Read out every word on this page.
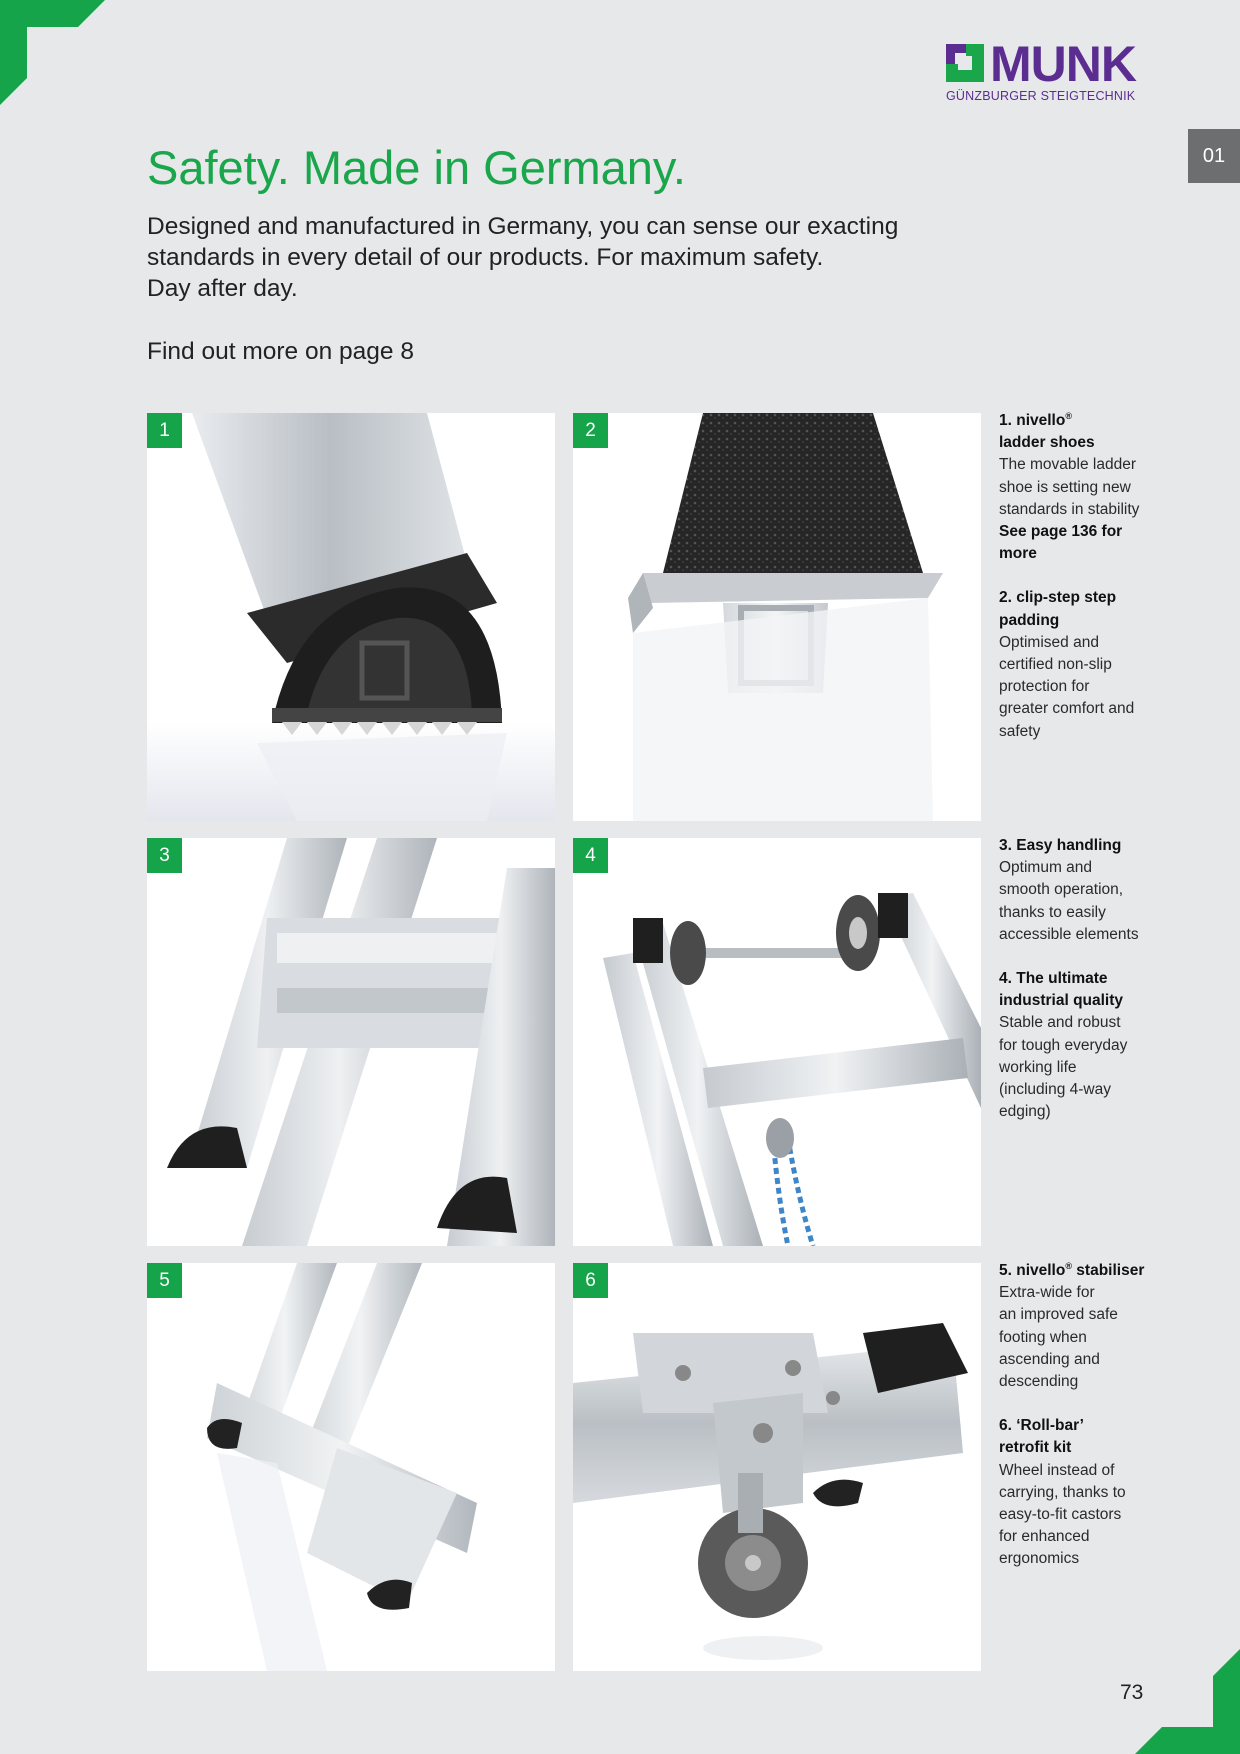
MUNK
GÜNZBURGER STEIGTECHNIK
01
Safety. Made in Germany.
Designed and manufactured in Germany, you can sense our exacting
standards in every detail of our products. For maximum safety.
Day after day.
Find out more on page 8
1	2
3	4
5	6
1. nivello®
ladder shoes
The movable ladder
shoe is setting new
standards in stability
See page 136 for
more
2. clip-step step
padding
Optimised and
certified non-slip
protection for
greater comfort and
safety
3. Easy handling
Optimum and
smooth operation,
thanks to easily
accessible elements
4. The ultimate
industrial quality
Stable and robust
for tough everyday
working life
(including 4-way
edging)
5. nivello® stabiliser
Extra-wide for
an improved safe
footing when
ascending and
descending
6. ‘Roll-bar’
retrofit kit
Wheel instead of
carrying, thanks to
easy-to-fit castors
for enhanced
ergonomics
73
